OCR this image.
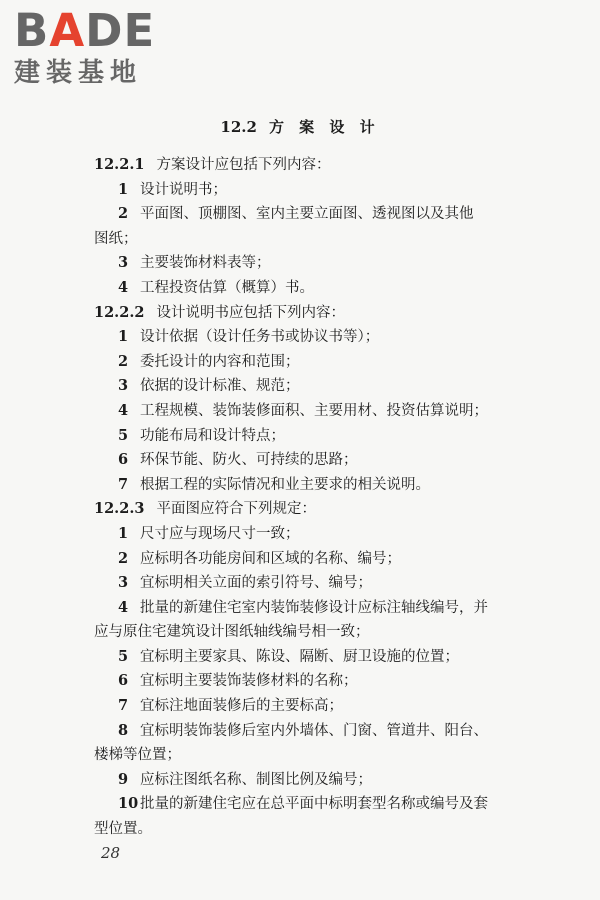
BADE
建装基地
12.2 方 案 设 计
12.2.1 方案设计应包括下列内容：
1 设计说明书；
2 平面图、顶棚图、室内主要立面图、透视图以及其他
图纸；
3 主要装饰材料表等；
4 工程投资估算（概算）书。
12.2.2 设计说明书应包括下列内容：
1 设计依据（设计任务书或协议书等）；
2 委托设计的内容和范围；
3 依据的设计标准、规范；
4 工程规模、装饰装修面积、主要用材、投资估算说明；
5 功能布局和设计特点；
6 环保节能、防火、可持续的思路；
7 根据工程的实际情况和业主要求的相关说明。
12.2.3 平面图应符合下列规定：
1 尺寸应与现场尺寸一致；
2 应标明各功能房间和区域的名称、编号；
3 宜标明相关立面的索引符号、编号；
4 批量的新建住宅室内装饰装修设计应标注轴线编号，并
应与原住宅建筑设计图纸轴线编号相一致；
5 宜标明主要家具、陈设、隔断、厨卫设施的位置；
6 宜标明主要装饰装修材料的名称；
7 宜标注地面装修后的主要标高；
8 宜标明装饰装修后室内外墙体、门窗、管道井、阳台、
楼梯等位置；
9 应标注图纸名称、制图比例及编号；
10 批量的新建住宅应在总平面中标明套型名称或编号及套
型位置。
28
